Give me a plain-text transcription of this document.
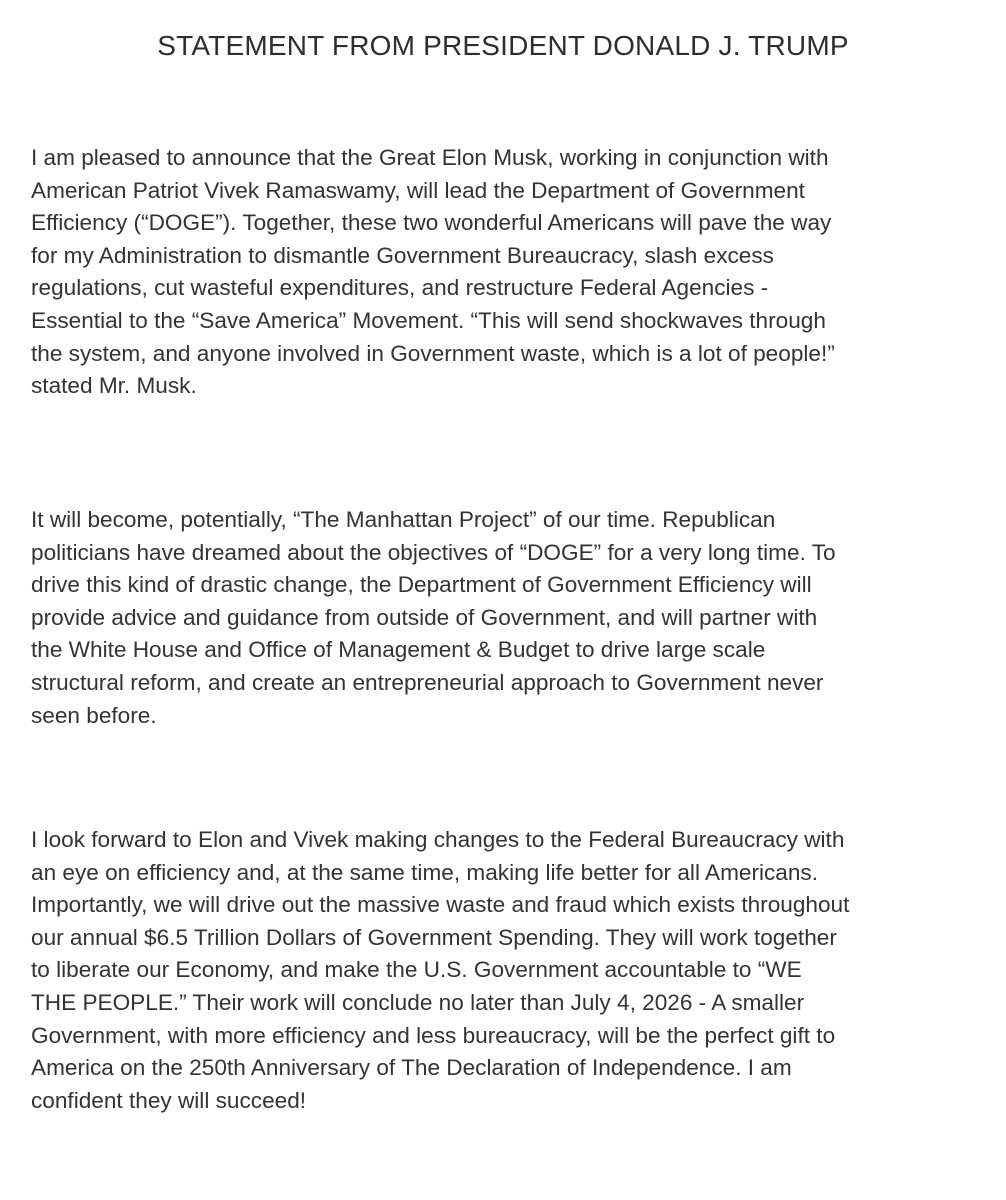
STATEMENT FROM PRESIDENT DONALD J. TRUMP

I am pleased to announce that the Great Elon Musk, working in conjunction with
American Patriot Vivek Ramaswamy, will lead the Department of Government
Efficiency (“DOGE”). Together, these two wonderful Americans will pave the way
for my Administration to dismantle Government Bureaucracy, slash excess
regulations, cut wasteful expenditures, and restructure Federal Agencies -
Essential to the “Save America” Movement. “This will send shockwaves through
the system, and anyone involved in Government waste, which is a lot of people!”
stated Mr. Musk.

It will become, potentially, “The Manhattan Project” of our time. Republican
politicians have dreamed about the objectives of “DOGE” for a very long time. To
drive this kind of drastic change, the Department of Government Efficiency will
provide advice and guidance from outside of Government, and will partner with
the White House and Office of Management & Budget to drive large scale
structural reform, and create an entrepreneurial approach to Government never
seen before.

I look forward to Elon and Vivek making changes to the Federal Bureaucracy with
an eye on efficiency and, at the same time, making life better for all Americans.
Importantly, we will drive out the massive waste and fraud which exists throughout
our annual $6.5 Trillion Dollars of Government Spending. They will work together
to liberate our Economy, and make the U.S. Government accountable to “WE
THE PEOPLE.” Their work will conclude no later than July 4, 2026 - A smaller
Government, with more efficiency and less bureaucracy, will be the perfect gift to
America on the 250th Anniversary of The Declaration of Independence. I am
confident they will succeed!
